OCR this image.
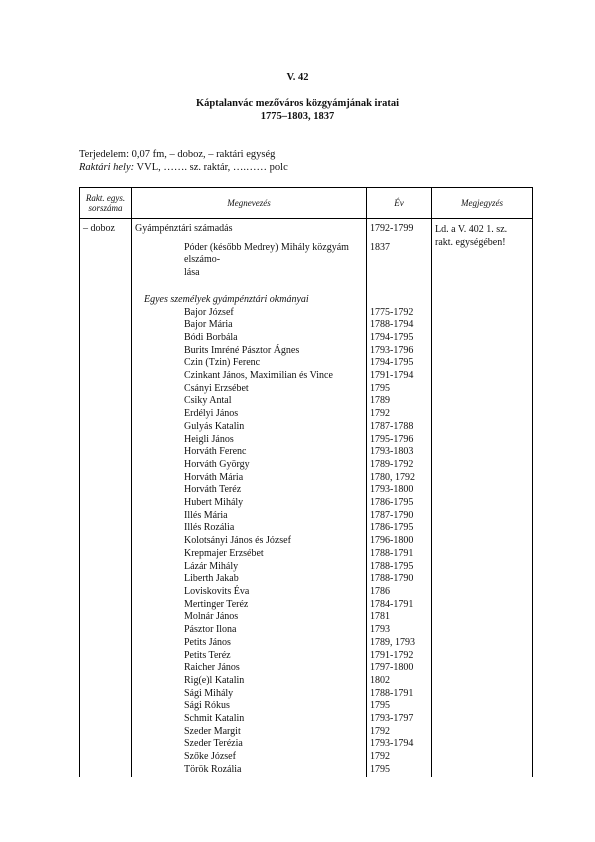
V. 42
Káptalanvác mezőváros közgyámjának iratai
1775–1803, 1837
Terjedelem: 0,07 fm, – doboz, – raktári egység
Raktári hely: VVL, ……. sz. raktár, ….…… polc
Rakt. egys.
sorszáma	Megnevezés	Év	Megjegyzés
– doboz	Gyámpénztári számadás	1792-1799	Ld. a V. 402 1. sz.
rakt. egységében!

	Póder (később Medrey) Mihály közgyám elszámo-
lása	1837	
	Egyes személyek gyámpénztári okmányai		
	Bajor József	1775-1792	
	Bajor Mária	1788-1794	
	Bódi Borbála	1794-1795	
	Burits Imréné Pásztor Ágnes	1793-1796	
	Czin (Tzin) Ferenc	1794-1795	
	Czinkant János, Maximilian és Vince	1791-1794	
	Csányi Erzsébet	1795	
	Csiky Antal	1789	
	Erdélyi János	1792	
	Gulyás Katalin	1787-1788	
	Heigli János	1795-1796	
	Horváth Ferenc	1793-1803	
	Horváth György	1789-1792	
	Horváth Mária	1780, 1792	
	Horváth Teréz	1793-1800	
	Hubert Mihály	1786-1795	
	Illés Mária	1787-1790	
	Illés Rozália	1786-1795	
	Kolotsányi János és József	1796-1800	
	Krepmajer Erzsébet	1788-1791	
	Lázár Mihály	1788-1795	
	Liberth Jakab	1788-1790	
	Loviskovits Éva	1786	
	Mertinger Teréz	1784-1791	
	Molnár János	1781	
	Pásztor Ilona	1793	
	Petits János	1789, 1793	
	Petits Teréz	1791-1792	
	Raicher János	1797-1800	
	Rig(e)l Katalin	1802	
	Sági Mihály	1788-1791	
	Sági Rókus	1795	
	Schmit Katalin	1793-1797	
	Szeder Margit	1792	
	Szeder Terézia	1793-1794	
	Szőke József	1792	
	Török Rozália	1795	
